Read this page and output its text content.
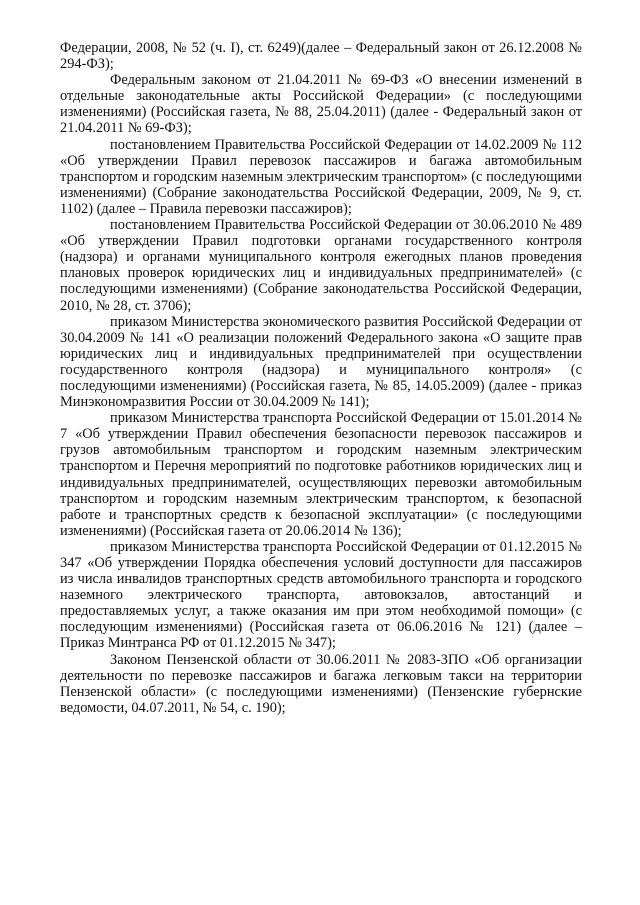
Федерации, 2008, № 52 (ч. I), ст. 6249)(далее – Федеральный закон от 26.12.2008 № 294-ФЗ);

Федеральным законом от 21.04.2011 № 69-ФЗ «О внесении изменений в отдельные законодательные акты Российской Федерации» (с последующими изменениями) (Российская газета, № 88, 25.04.2011) (далее - Федеральный закон от 21.04.2011 № 69-ФЗ);

постановлением Правительства Российской Федерации от 14.02.2009 № 112 «Об утверждении Правил перевозок пассажиров и багажа автомобильным транспортом и городским наземным электрическим транспортом» (с последующими изменениями) (Собрание законодательства Российской Федерации, 2009, № 9, ст. 1102) (далее – Правила перевозки пассажиров);

постановлением Правительства Российской Федерации от 30.06.2010 № 489 «Об утверждении Правил подготовки органами государственного контроля (надзора) и органами муниципального контроля ежегодных планов проведения плановых проверок юридических лиц и индивидуальных предпринимателей» (с последующими изменениями) (Собрание законодательства Российской Федерации, 2010, № 28, ст. 3706);

приказом Министерства экономического развития Российской Федерации от 30.04.2009 № 141 «О реализации положений Федерального закона «О защите прав юридических лиц и индивидуальных предпринимателей при осуществлении государственного контроля (надзора) и муниципального контроля» (с последующими изменениями) (Российская газета, № 85, 14.05.2009) (далее - приказ Минэкономразвития России от 30.04.2009 № 141);

приказом Министерства транспорта Российской Федерации от 15.01.2014 № 7 «Об утверждении Правил обеспечения безопасности перевозок пассажиров и грузов автомобильным транспортом и городским наземным электрическим транспортом и Перечня мероприятий по подготовке работников юридических лиц и индивидуальных предпринимателей, осуществляющих перевозки автомобильным транспортом и городским наземным электрическим транспортом, к безопасной работе и транспортных средств к безопасной эксплуатации» (с последующими изменениями) (Российская газета от 20.06.2014 № 136);

приказом Министерства транспорта Российской Федерации от 01.12.2015 № 347 «Об утверждении Порядка обеспечения условий доступности для пассажиров из числа инвалидов транспортных средств автомобильного транспорта и городского наземного электрического транспорта, автовокзалов, автостанций и предоставляемых услуг, а также оказания им при этом необходимой помощи» (с последующим изменениями) (Российская газета от 06.06.2016 № 121) (далее – Приказ Минтранса РФ от 01.12.2015 № 347);

Законом Пензенской области от 30.06.2011 № 2083-ЗПО «Об организации деятельности по перевозке пассажиров и багажа легковым такси на территории Пензенской области» (с последующими изменениями) (Пензенские губернские ведомости, 04.07.2011, № 54, с. 190);
